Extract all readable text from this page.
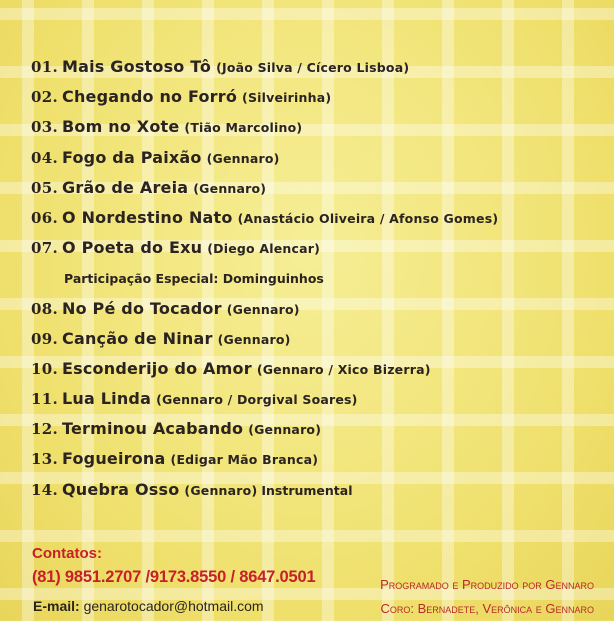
01. Mais Gostoso Tô (João Silva / Cícero Lisboa)
02. Chegando no Forró (Silveirinha)
03. Bom no Xote (Tião Marcolino)
04. Fogo da Paixão (Gennaro)
05. Grão de Areia (Gennaro)
06. O Nordestino Nato (Anastácio Oliveira / Afonso Gomes)
07. O Poeta do Exu (Diego Alencar)
Participação Especial: Dominguinhos
08. No Pé do Tocador (Gennaro)
09. Canção de Ninar (Gennaro)
10. Esconderijo do Amor (Gennaro / Xico Bizerra)
11. Lua Linda (Gennaro / Dorgival Soares)
12. Terminou Acabando (Gennaro)
13. Fogueirona (Edigar Mão Branca)
14. Quebra Osso (Gennaro) Instrumental
Contatos:
(81) 9851.2707 /9173.8550 / 8647.0501
E-mail: genarotocador@hotmail.com
Programado e Produzido por Gennaro
Coro: Bernadete, Verônica e Gennaro
